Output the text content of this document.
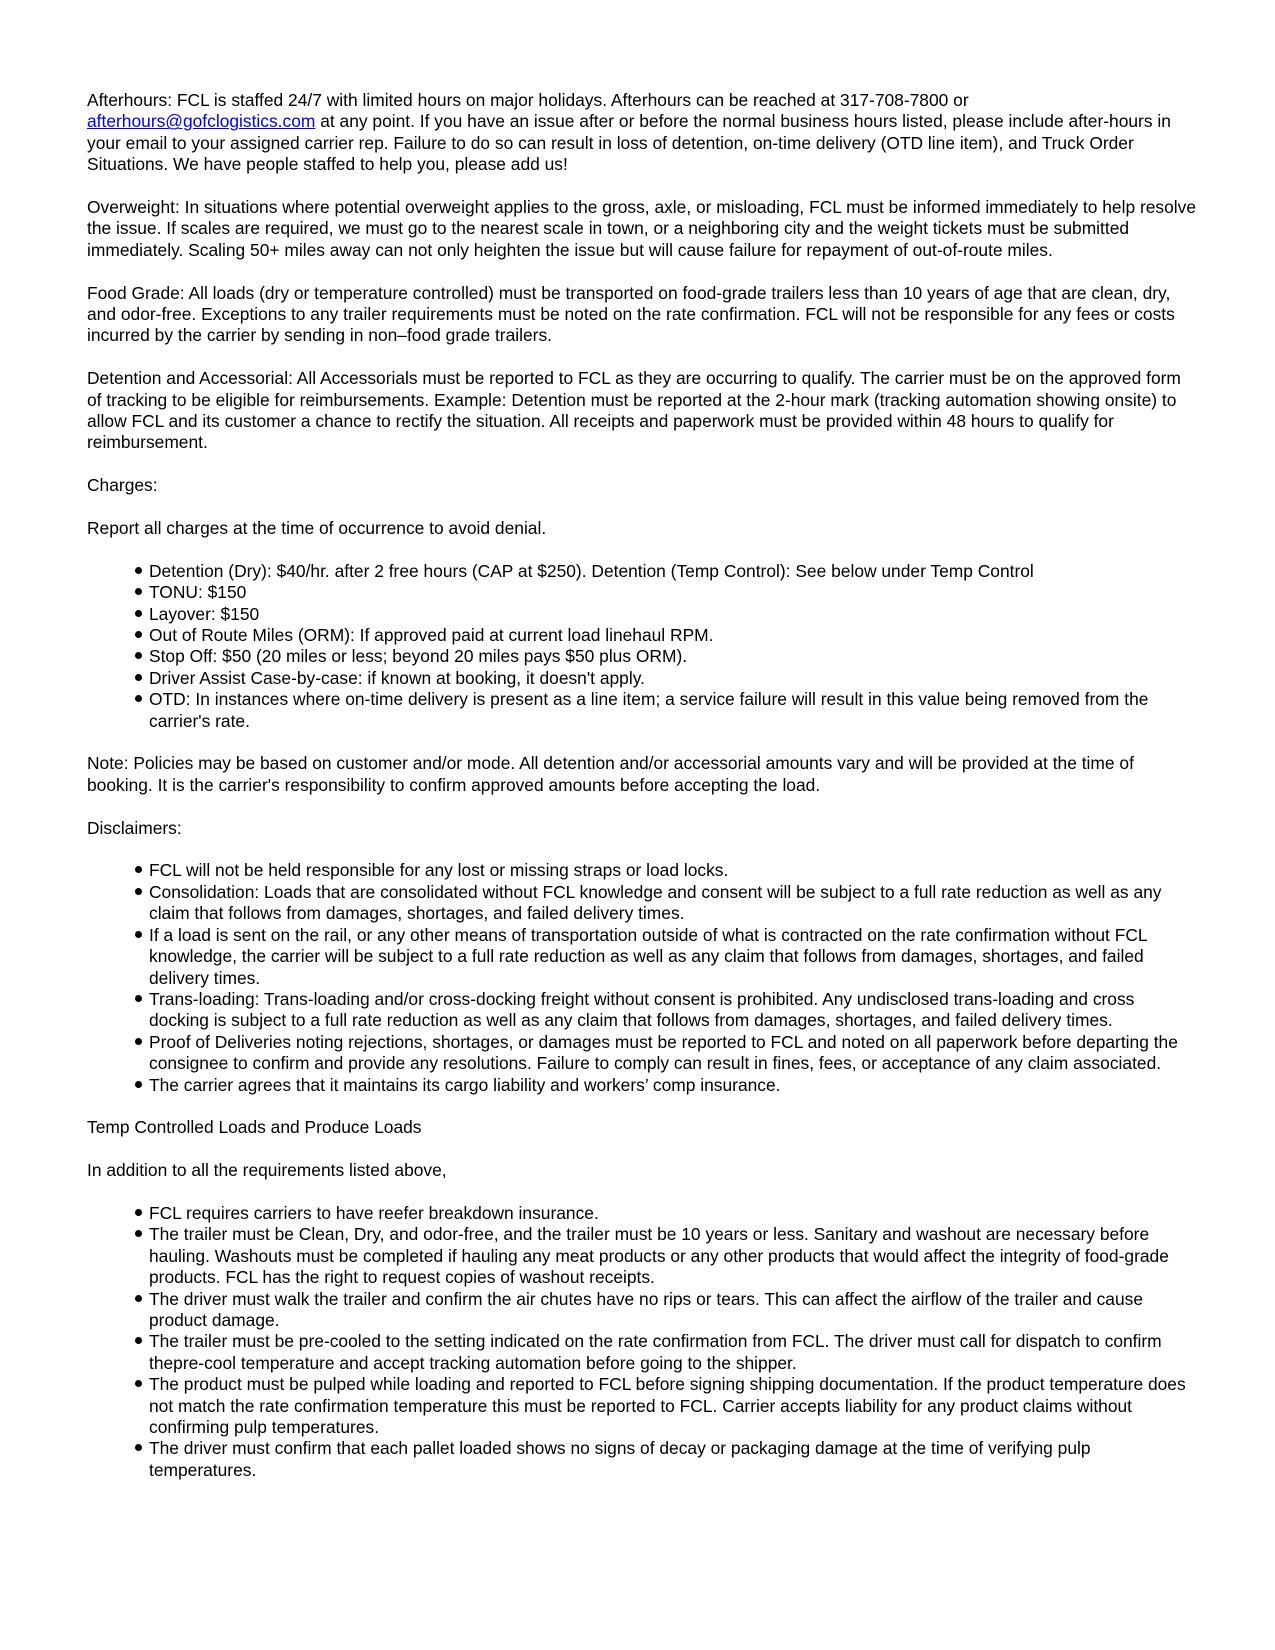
Afterhours: FCL is staffed 24/7 with limited hours on major holidays. Afterhours can be reached at 317-708-7800 or afterhours@gofclogistics.com at any point. If you have an issue after or before the normal business hours listed, please include after-hours in your email to your assigned carrier rep. Failure to do so can result in loss of detention, on-time delivery (OTD line item), and Truck Order Situations. We have people staffed to help you, please add us!

Overweight: In situations where potential overweight applies to the gross, axle, or misloading, FCL must be informed immediately to help resolve the issue. If scales are required, we must go to the nearest scale in town, or a neighboring city and the weight tickets must be submitted immediately. Scaling 50+ miles away can not only heighten the issue but will cause failure for repayment of out-of-route miles.

Food Grade: All loads (dry or temperature controlled) must be transported on food-grade trailers less than 10 years of age that are clean, dry, and odor-free. Exceptions to any trailer requirements must be noted on the rate confirmation. FCL will not be responsible for any fees or costs incurred by the carrier by sending in non–food grade trailers.

Detention and Accessorial: All Accessorials must be reported to FCL as they are occurring to qualify. The carrier must be on the approved form of tracking to be eligible for reimbursements. Example: Detention must be reported at the 2-hour mark (tracking automation showing onsite) to allow FCL and its customer a chance to rectify the situation. All receipts and paperwork must be provided within 48 hours to qualify for reimbursement.

Charges:

Report all charges at the time of occurrence to avoid denial.

Detention (Dry): $40/hr. after 2 free hours (CAP at $250). Detention (Temp Control): See below under Temp Control
TONU: $150
Layover: $150
Out of Route Miles (ORM): If approved paid at current load linehaul RPM.
Stop Off: $50 (20 miles or less; beyond 20 miles pays $50 plus ORM).
Driver Assist Case-by-case: if known at booking, it doesn't apply.
OTD: In instances where on-time delivery is present as a line item; a service failure will result in this value being removed from the carrier's rate.

Note: Policies may be based on customer and/or mode. All detention and/or accessorial amounts vary and will be provided at the time of booking. It is the carrier's responsibility to confirm approved amounts before accepting the load.

Disclaimers:

FCL will not be held responsible for any lost or missing straps or load locks.
Consolidation: Loads that are consolidated without FCL knowledge and consent will be subject to a full rate reduction as well as any claim that follows from damages, shortages, and failed delivery times.
If a load is sent on the rail, or any other means of transportation outside of what is contracted on the rate confirmation without FCL knowledge, the carrier will be subject to a full rate reduction as well as any claim that follows from damages, shortages, and failed delivery times.
Trans-loading: Trans-loading and/or cross-docking freight without consent is prohibited. Any undisclosed trans-loading and cross docking is subject to a full rate reduction as well as any claim that follows from damages, shortages, and failed delivery times.
Proof of Deliveries noting rejections, shortages, or damages must be reported to FCL and noted on all paperwork before departing the consignee to confirm and provide any resolutions. Failure to comply can result in fines, fees, or acceptance of any claim associated.
The carrier agrees that it maintains its cargo liability and workers’ comp insurance.

Temp Controlled Loads and Produce Loads

In addition to all the requirements listed above,

FCL requires carriers to have reefer breakdown insurance.
The trailer must be Clean, Dry, and odor-free, and the trailer must be 10 years or less. Sanitary and washout are necessary before hauling. Washouts must be completed if hauling any meat products or any other products that would affect the integrity of food-grade products. FCL has the right to request copies of washout receipts.
The driver must walk the trailer and confirm the air chutes have no rips or tears. This can affect the airflow of the trailer and cause product damage.
The trailer must be pre-cooled to the setting indicated on the rate confirmation from FCL. The driver must call for dispatch to confirm thepre-cool temperature and accept tracking automation before going to the shipper.
The product must be pulped while loading and reported to FCL before signing shipping documentation. If the product temperature does not match the rate confirmation temperature this must be reported to FCL. Carrier accepts liability for any product claims without confirming pulp temperatures.
The driver must confirm that each pallet loaded shows no signs of decay or packaging damage at the time of verifying pulp temperatures.
